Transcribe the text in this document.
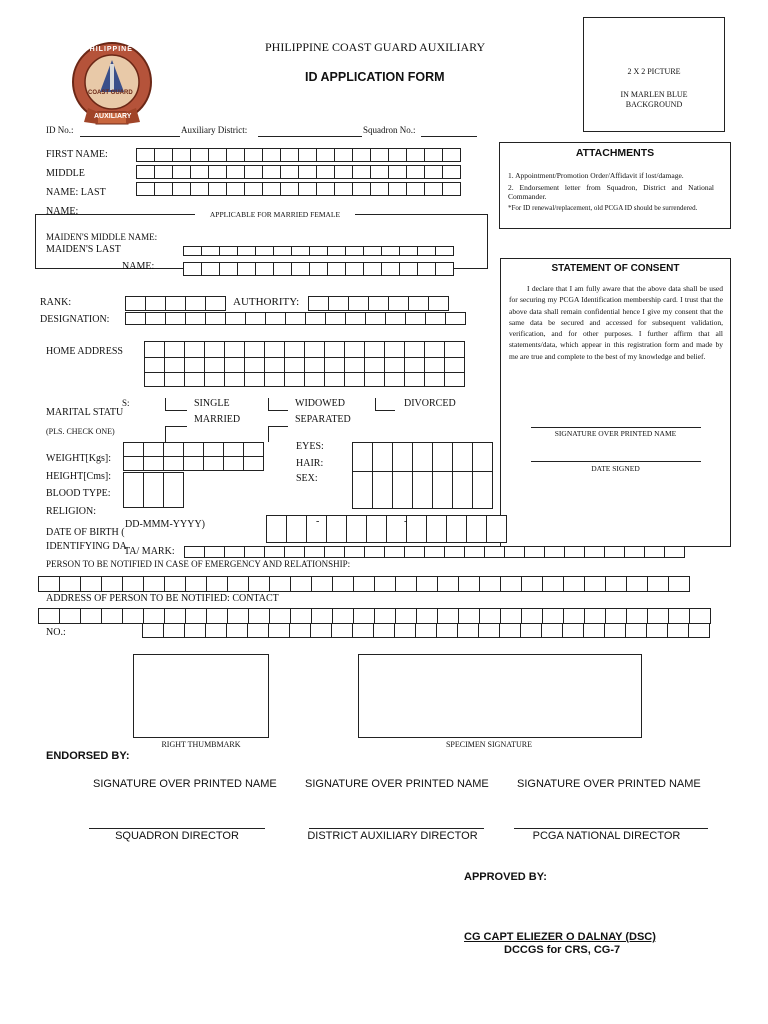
PHILIPPINE
COAST GUARD
AUXILIARY
PHILIPPINE COAST GUARD AUXILIARY
ID APPLICATION FORM	2 X 2 PICTURE
IN MARLEN BLUE
BACKGROUND
ID No.:	Auxiliary District:	Squadron No.:
ATTACHMENTS
1. Appointment/Promotion Order/Affidavit if lost/damage.
2. Endorsement letter from Squadron, District and National Commander.
*For ID renewal/replacement, old PCGA ID should be surrendered.
FIRST NAME:
MIDDLE
NAME: LAST
NAME:	APPLICABLE FOR MARRIED FEMALE
MAIDEN'S MIDDLE NAME:
MAIDEN'S LAST
NAME:	STATEMENT OF CONSENT
I declare that I am fully aware that the above data shall be used for securing my PCGA Identification membership card. I trust that the above data shall remain confidential hence I give my consent that the same data be secured and accessed for subsequent validation, verification, and for other purposes. I further affirm that all statements/data, which appear in this registration form and made by me are true and complete to the best of my knowledge and belief.
SIGNATURE OVER PRINTED NAME
DATE SIGNED
RANK:
DESIGNATION:
AUTHORITY:
HOME ADDRESS
S:
MARITAL STATU
(PLS. CHECK ONE)
SINGLE
MARRIED
WIDOWED
SEPARATED
DIVORCED
WEIGHT[Kgs]:
HEIGHT[Cms]:
BLOOD TYPE:
RELIGION:
EYES:
HAIR:
SEX:
DATE OF BIRTH (
DD-MMM-YYYY)	-	-
IDENTIFYING DA
TA/ MARK:
PERSON TO BE NOTIFIED IN CASE OF EMERGENCY AND RELATIONSHIP:
ADDRESS OF PERSON TO BE NOTIFIED: CONTACT
NO.:
RIGHT THUMBMARK	SPECIMEN SIGNATURE
ENDORSED BY:
SIGNATURE OVER PRINTED NAME	SIGNATURE OVER PRINTED NAME	SIGNATURE OVER PRINTED NAME
SQUADRON DIRECTOR	DISTRICT AUXILIARY DIRECTOR	PCGA NATIONAL DIRECTOR
APPROVED BY:
CG CAPT ELIEZER O DALNAY (DSC)
DCCGS for CRS, CG-7
